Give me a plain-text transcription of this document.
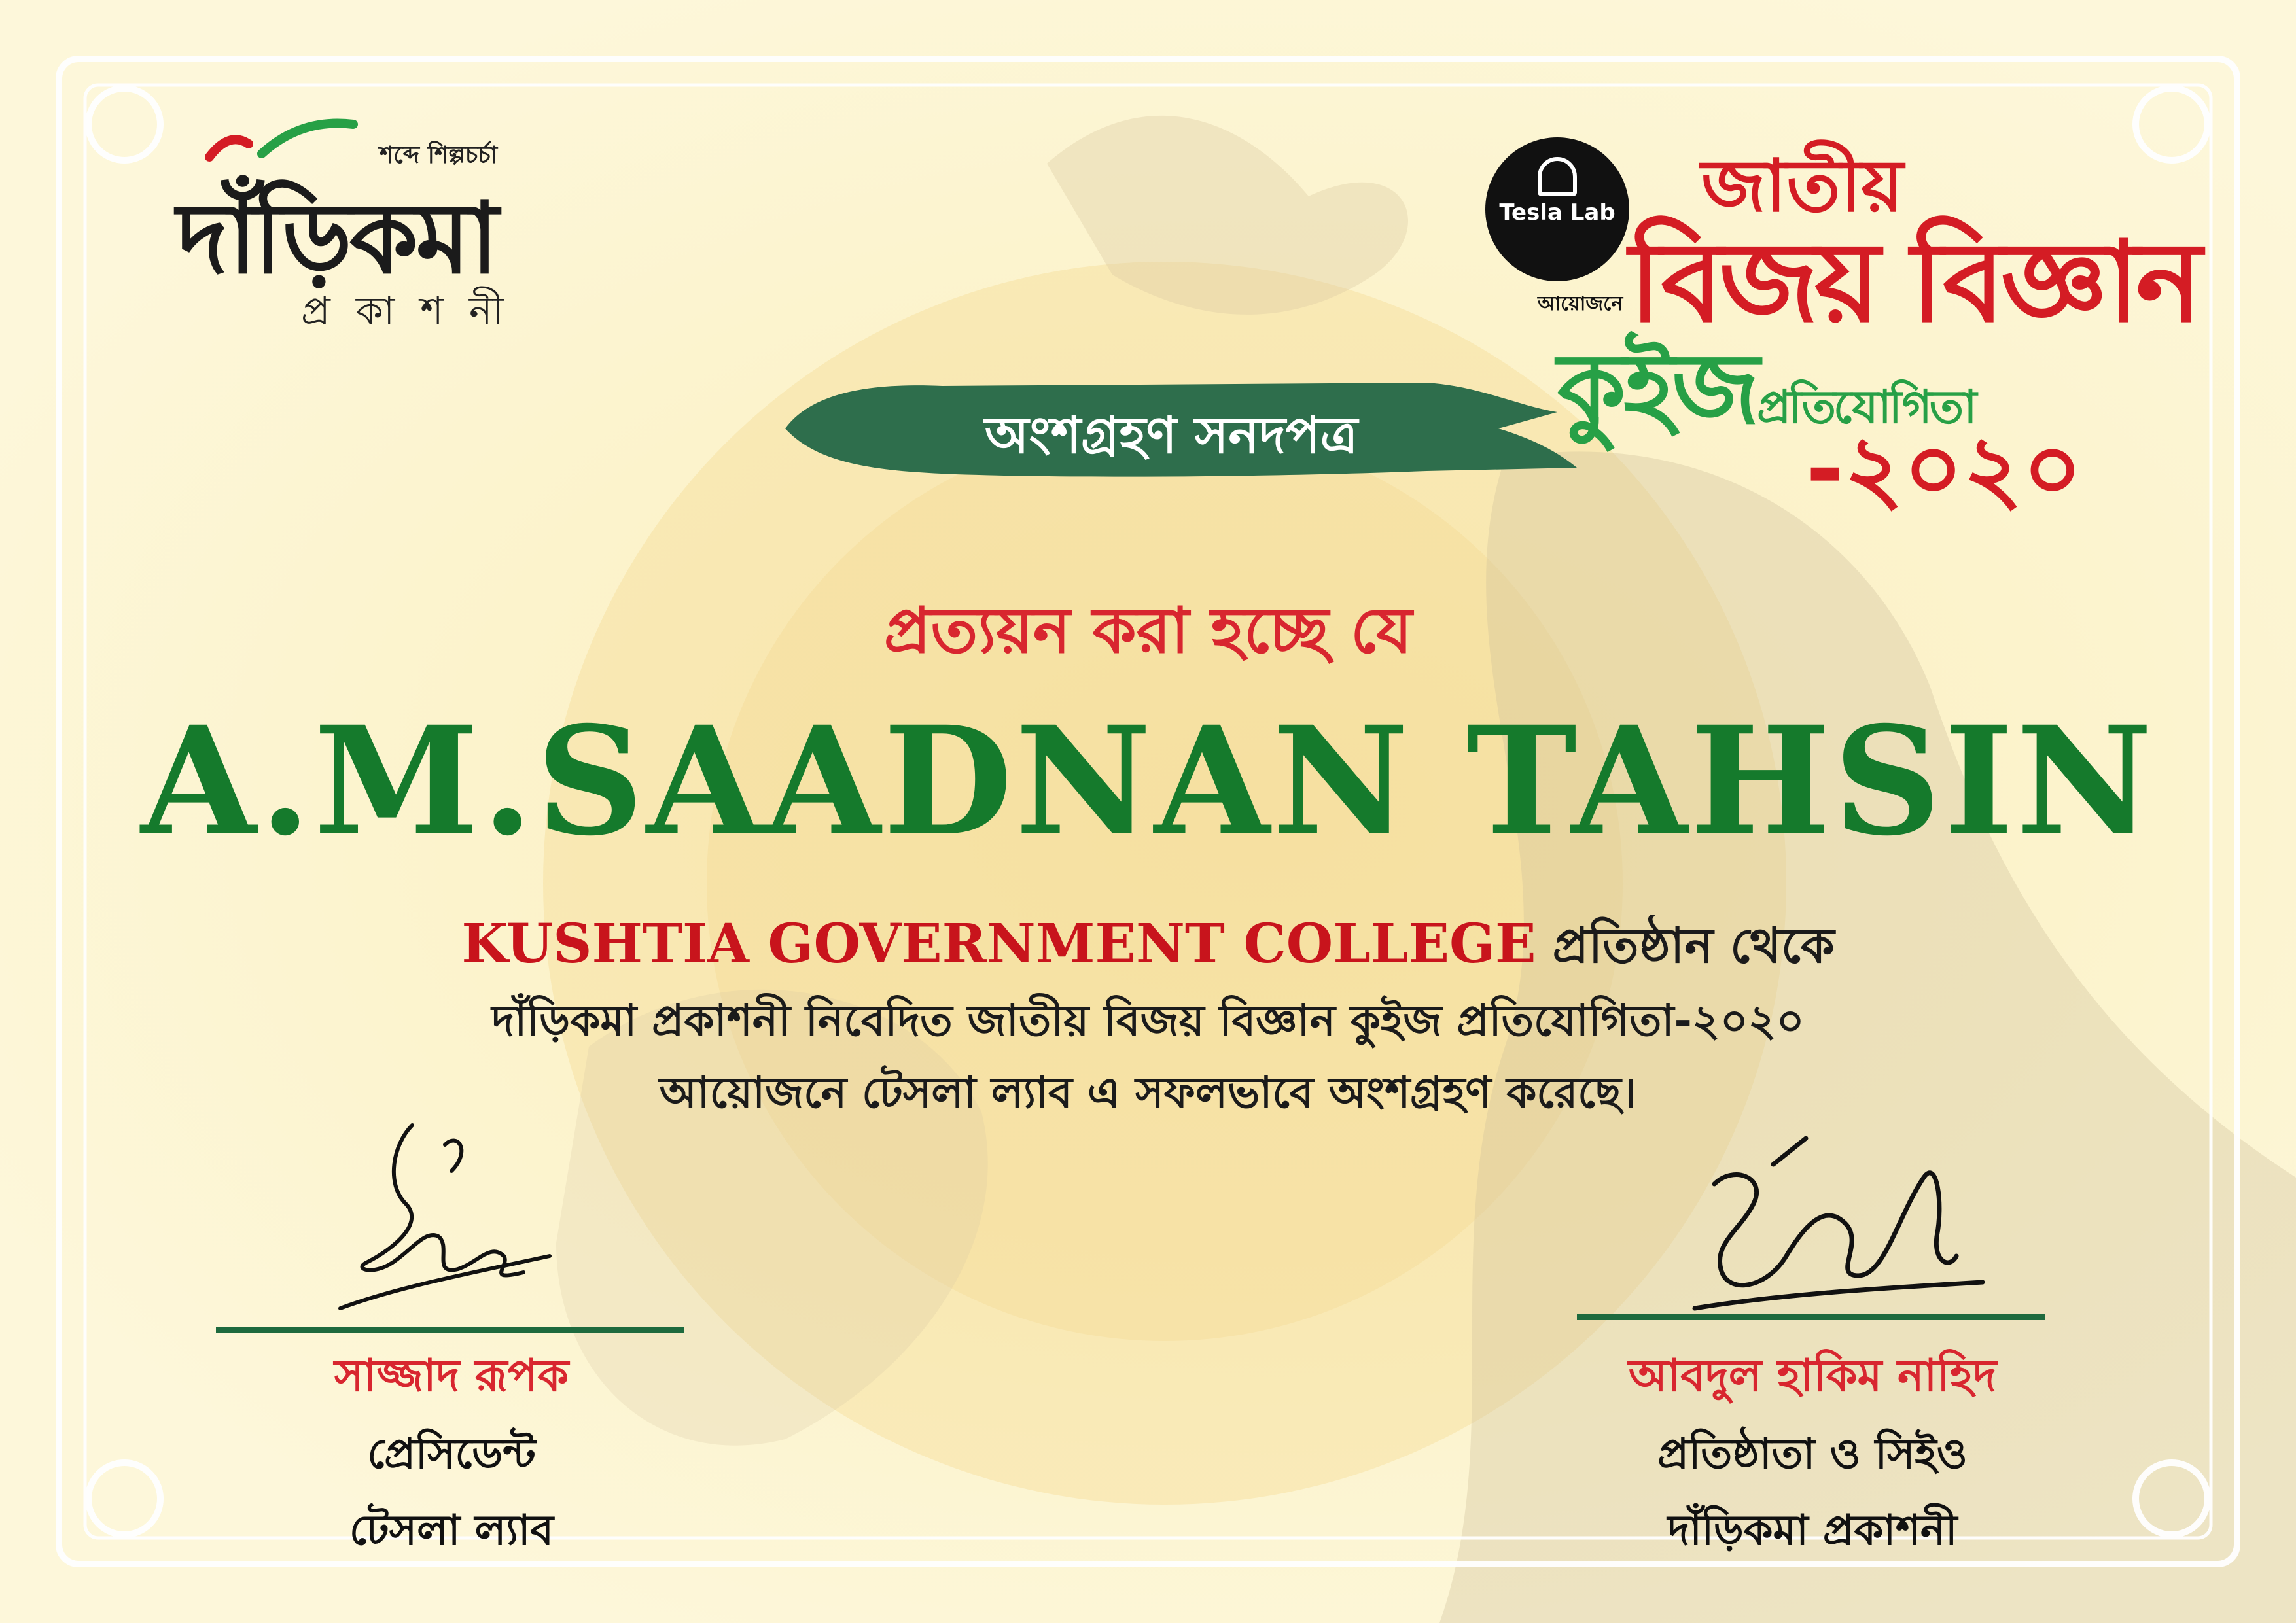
শব্দে শিল্পচর্চা
দাঁড়িকমা
প্র কা শ নী
Tesla Lab
আয়োজনে
জাতীয়
বিজয় বিজ্ঞান
কুইজপ্রতিযোগিতা
-২০২০
অংশগ্রহণ সনদপত্র
প্রত্যয়ন করা হচ্ছে যে
A.M.SAADNAN TAHSIN
KUSHTIA GOVERNMENT COLLEGE প্রতিষ্ঠান থেকে
দাঁড়িকমা প্রকাশনী নিবেদিত জাতীয় বিজয় বিজ্ঞান কুইজ প্রতিযোগিতা-২০২০
আয়োজনে টেসলা ল্যাব এ সফলভাবে অংশগ্রহণ করেছে।
সাজ্জাদ রূপক
প্রেসিডেন্ট
টেসলা ল্যাব
আবদুল হাকিম নাহিদ
প্রতিষ্ঠাতা ও সিইও
দাঁড়িকমা প্রকাশনী
